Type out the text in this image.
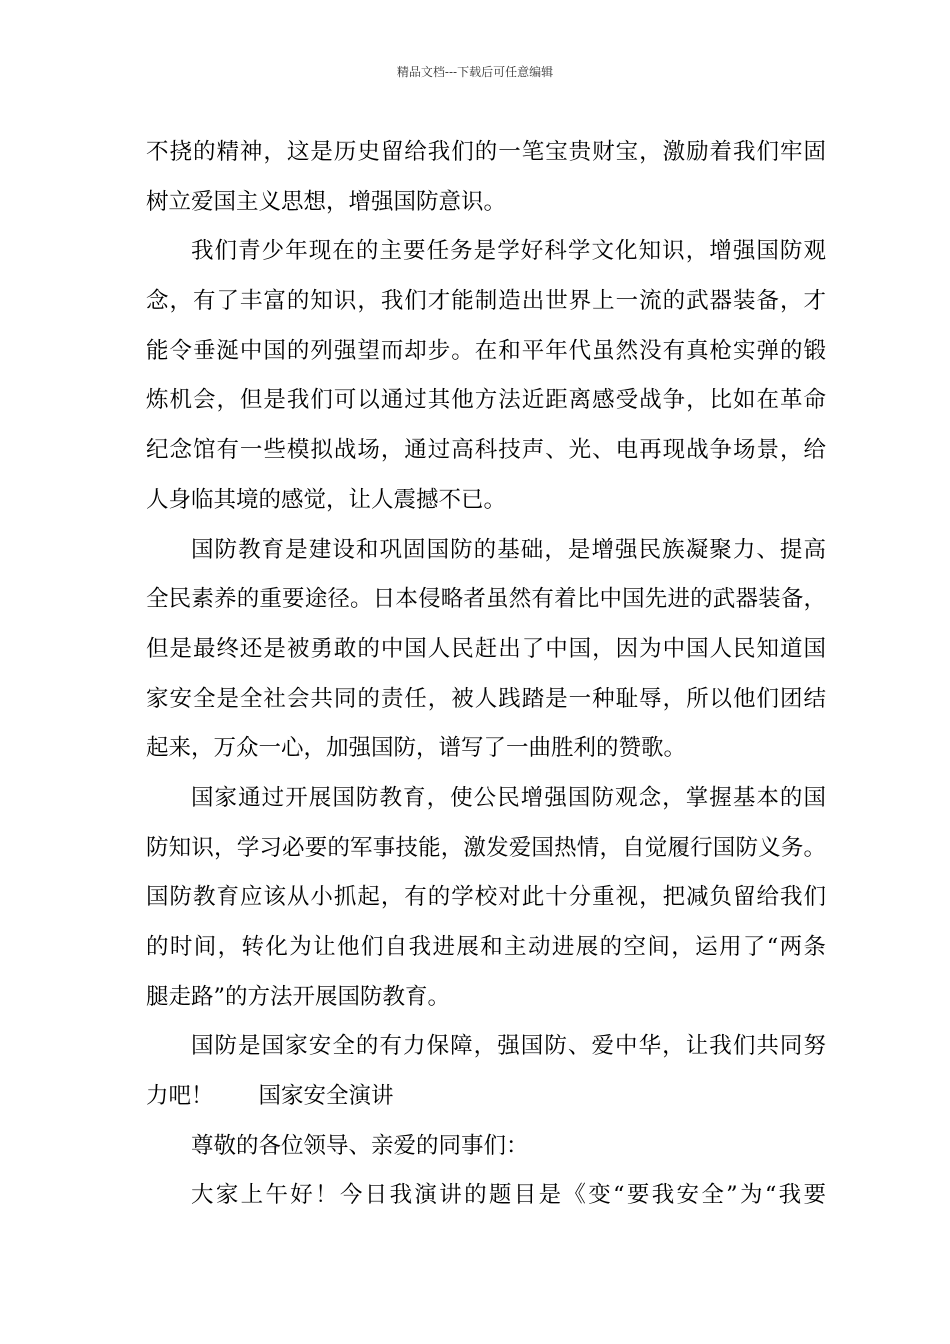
精品文档---下载后可任意编辑
不挠的精神，这是历史留给我们的一笔宝贵财宝，激励着我们牢固
树立爱国主义思想，增强国防意识。
我们青少年现在的主要任务是学好科学文化知识，增强国防观
念，有了丰富的知识，我们才能制造出世界上一流的武器装备，才
能令垂涎中国的列强望而却步。在和平年代虽然没有真枪实弹的锻
炼机会，但是我们可以通过其他方法近距离感受战争，比如在革命
纪念馆有一些模拟战场，通过高科技声、光、电再现战争场景，给
人身临其境的感觉，让人震撼不已。
国防教育是建设和巩固国防的基础，是增强民族凝聚力、提高
全民素养的重要途径。日本侵略者虽然有着比中国先进的武器装备，
但是最终还是被勇敢的中国人民赶出了中国，因为中国人民知道国
家安全是全社会共同的责任，被人践踏是一种耻辱，所以他们团结
起来，万众一心，加强国防，谱写了一曲胜利的赞歌。
国家通过开展国防教育，使公民增强国防观念，掌握基本的国
防知识，学习必要的军事技能，激发爱国热情，自觉履行国防义务。
国防教育应该从小抓起，有的学校对此十分重视，把减负留给我们
的时间，转化为让他们自我进展和主动进展的空间，运用了“两条
腿走路”的方法开展国防教育。
国防是国家安全的有力保障，强国防、爱中华，让我们共同努
力吧！　　国家安全演讲
尊敬的各位领导、亲爱的同事们：
大家上午好！今日我演讲的题目是《变“要我安全”为“我要
